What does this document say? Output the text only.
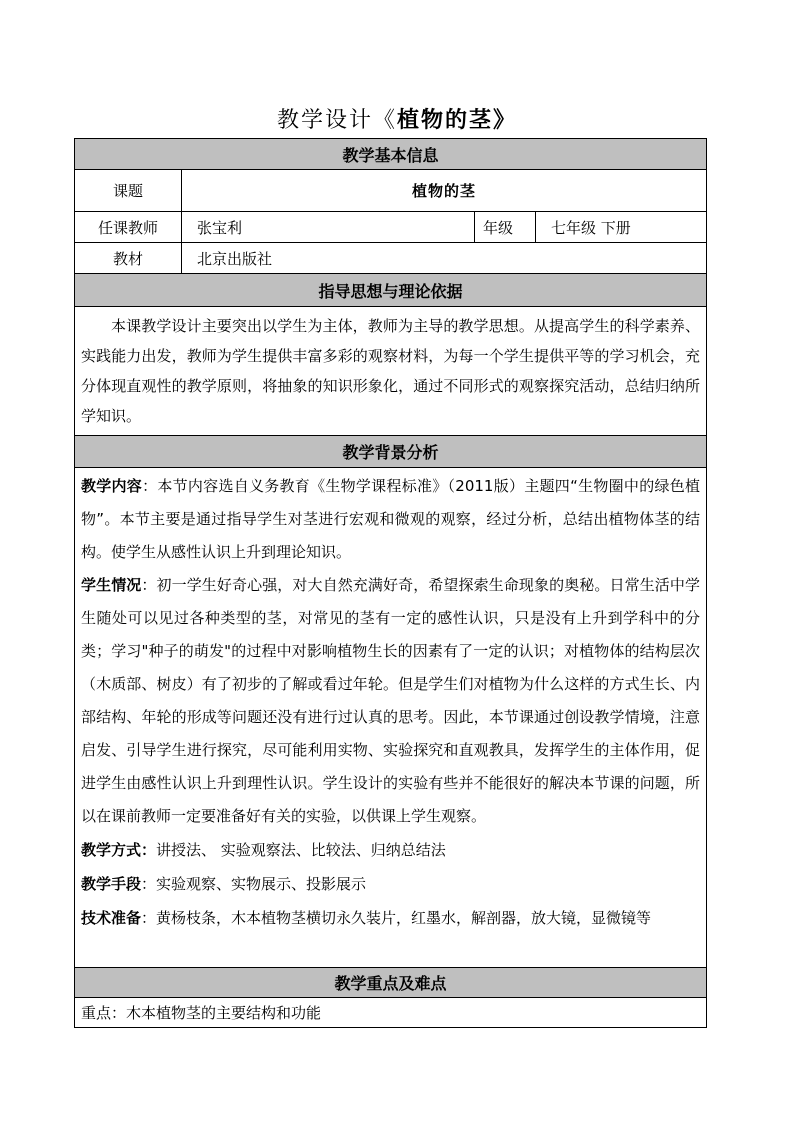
教学设计《植物的茎》
教学基本信息			
课题	植物的茎		
任课教师	张宝利	年级	七年级 下册
教材	北京出版社		
指导思想与理论依据			

本课教学设计主要突出以学生为主体，教师为主导的教学思想。从提高学生的科学素养、实践能力出发，教师为学生提供丰富多彩的观察材料，为每一个学生提供平等的学习机会，充分体现直观性的教学原则，将抽象的知识形象化，通过不同形式的观察探究活动，总结归纳所学知识。			

教学背景分析			

教学内容：本节内容选自义务教育《生物学课程标准》（2011版）主题四“生物圈中的绿色植物”。本节主要是通过指导学生对茎进行宏观和微观的观察，经过分析，总结出植物体茎的结构。使学生从感性认识上升到理论知识。

学生情况：初一学生好奇心强，对大自然充满好奇，希望探索生命现象的奥秘。日常生活中学生随处可以见过各种类型的茎，对常见的茎有一定的感性认识，只是没有上升到学科中的分类；学习"种子的萌发"的过程中对影响植物生长的因素有了一定的认识；对植物体的结构层次（木质部、树皮）有了初步的了解或看过年轮。但是学生们对植物为什么这样的方式生长、内部结构、年轮的形成等问题还没有进行过认真的思考。因此，本节课通过创设教学情境，注意启发、引导学生进行探究，尽可能利用实物、实验探究和直观教具，发挥学生的主体作用，促进学生由感性认识上升到理性认识。学生设计的实验有些并不能很好的解决本节课的问题，所以在课前教师一定要准备好有关的实验，以供课上学生观察。

教学方式：讲授法、 实验观察法、比较法、归纳总结法

教学手段：实验观察、实物展示、投影展示

技术准备：黄杨枝条，木本植物茎横切永久装片，红墨水，解剖器，放大镜，显微镜等			

教学重点及难点			
重点：木本植物茎的主要结构和功能			
